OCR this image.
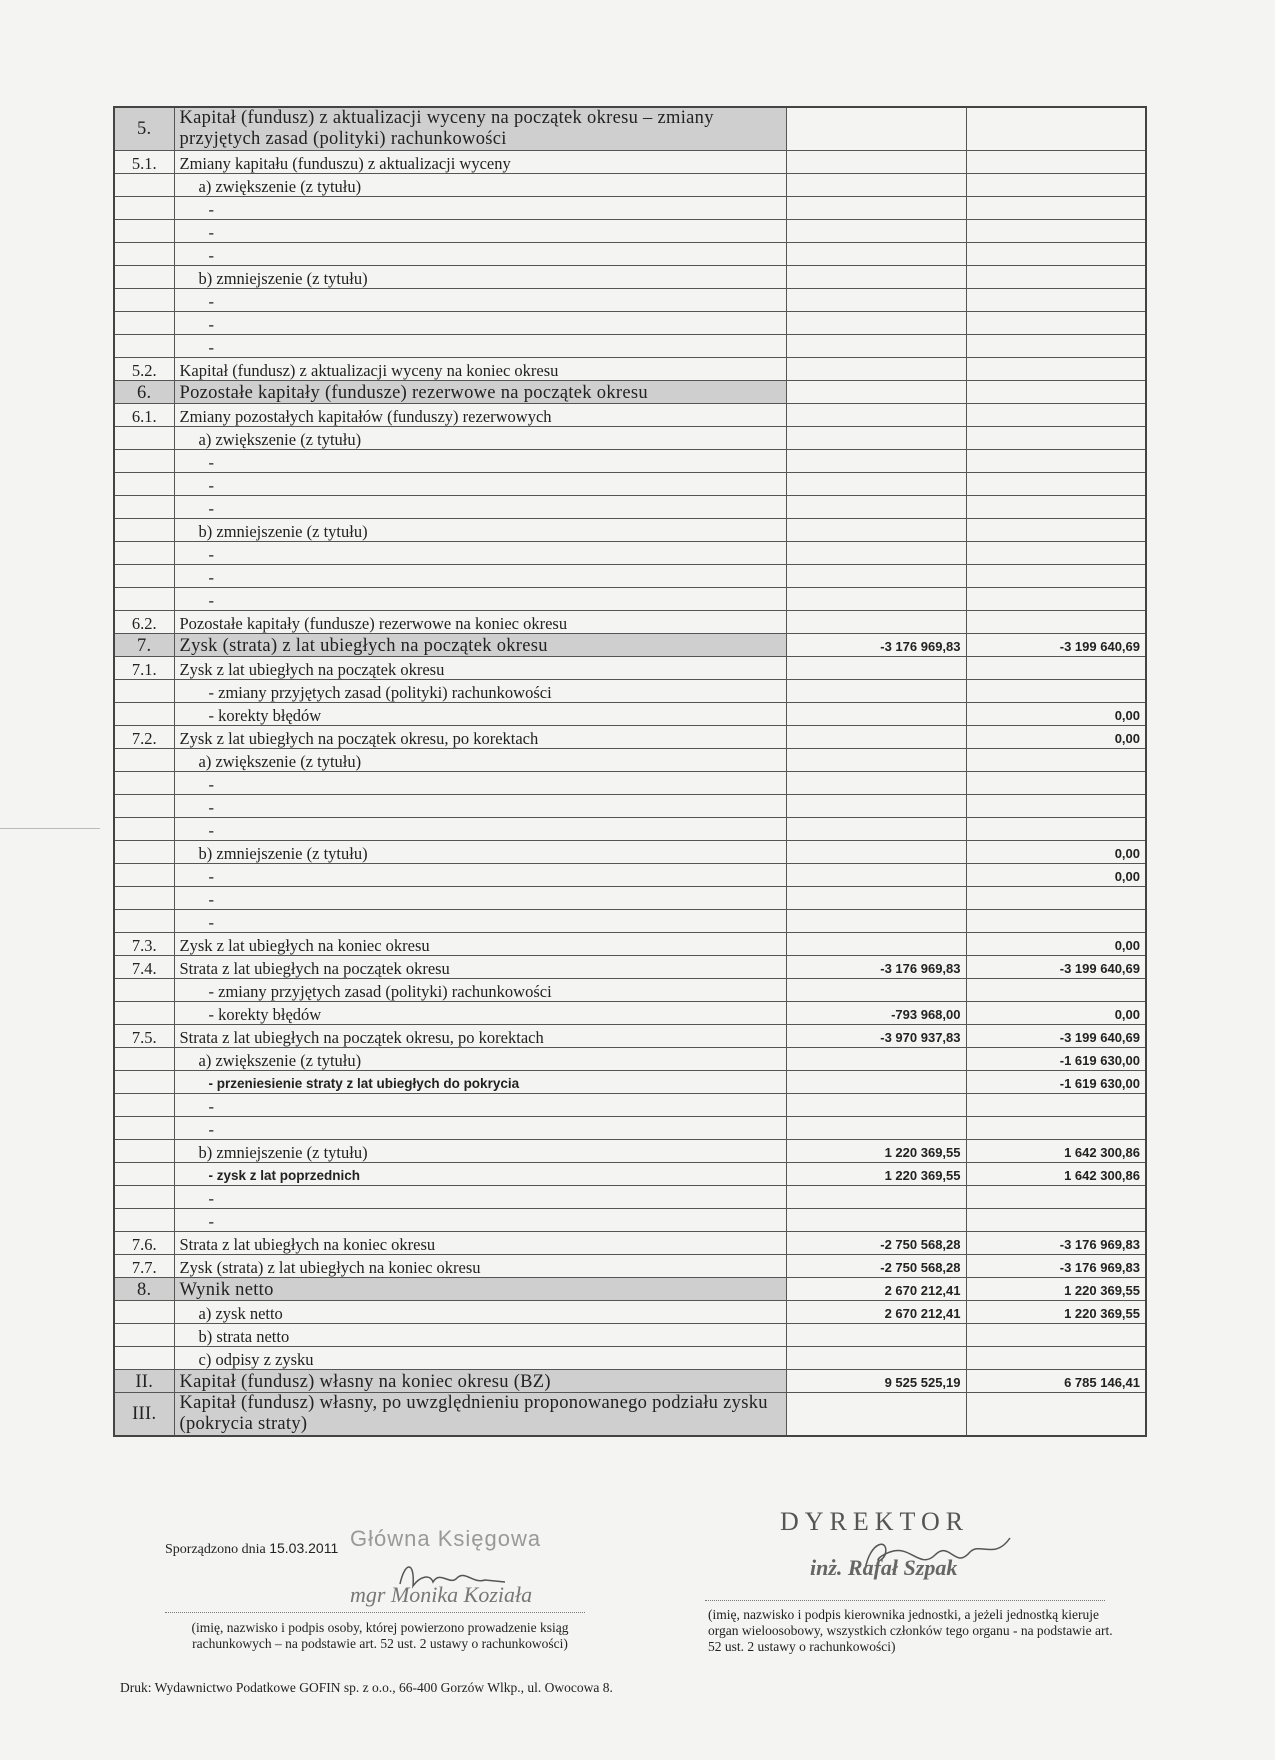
5.	Kapitał (fundusz) z aktualizacji wyceny na początek okresu – zmiany przyjętych zasad (polityki) rachunkowości		
5.1.	Zmiany kapitału (funduszu) z aktualizacji wyceny		
	a) zwiększenie (z tytułu)		
	-		
	-		
	-		
	b) zmniejszenie (z tytułu)		
	-		
	-		
	-		
5.2.	Kapitał (fundusz) z aktualizacji wyceny na koniec okresu		
6.	Pozostałe kapitały (fundusze) rezerwowe na początek okresu		
6.1.	Zmiany pozostałych kapitałów (funduszy) rezerwowych		
	a) zwiększenie (z tytułu)		
	-		
	-		
	-		
	b) zmniejszenie (z tytułu)		
	-		
	-		
	-		
6.2.	Pozostałe kapitały (fundusze) rezerwowe na koniec okresu		
7.	Zysk (strata) z lat ubiegłych na początek okresu	-3 176 969,83	-3 199 640,69
7.1.	Zysk z lat ubiegłych na początek okresu		
	- zmiany przyjętych zasad (polityki) rachunkowości		
	- korekty błędów		0,00
7.2.	Zysk z lat ubiegłych na początek okresu, po korektach		0,00
	a) zwiększenie (z tytułu)		
	-		
	-		
	-		
	b) zmniejszenie (z tytułu)		0,00
	-		0,00
	-		
	-		
7.3.	Zysk z lat ubiegłych na koniec okresu		0,00
7.4.	Strata z lat ubiegłych na początek okresu	-3 176 969,83	-3 199 640,69
	- zmiany przyjętych zasad (polityki) rachunkowości		
	- korekty błędów	-793 968,00	0,00
7.5.	Strata z lat ubiegłych na początek okresu, po korektach	-3 970 937,83	-3 199 640,69
	a) zwiększenie (z tytułu)		-1 619 630,00
	- przeniesienie straty z lat ubiegłych do pokrycia		-1 619 630,00
	-		
	-		
	b) zmniejszenie (z tytułu)	1 220 369,55	1 642 300,86
	- zysk z lat poprzednich	1 220 369,55	1 642 300,86
	-		
	-		
7.6.	Strata z lat ubiegłych na koniec okresu	-2 750 568,28	-3 176 969,83
7.7.	Zysk (strata) z lat ubiegłych na koniec okresu	-2 750 568,28	-3 176 969,83
8.	Wynik netto	2 670 212,41	1 220 369,55
	a) zysk netto	2 670 212,41	1 220 369,55
	b) strata netto		
	c) odpisy z zysku		
II.	Kapitał (fundusz) własny na koniec okresu (BZ)	9 525 525,19	6 785 146,41
III.	Kapitał (fundusz) własny, po uwzględnieniu proponowanego podziału zysku (pokrycia straty)		
Sporządzono dnia 15.03.2011 Główna Księgowa
mgr Monika Koziała
(imię, nazwisko i podpis osoby, której powierzono prowadzenie ksiąg rachunkowych – na podstawie art. 52 ust. 2 ustawy o rachunkowości)
DYREKTOR
inż. Rafał Szpak
(imię, nazwisko i podpis kierownika jednostki, a jeżeli jednostką kieruje organ wieloosobowy, wszystkich członków tego organu - na podstawie art. 52 ust. 2 ustawy o rachunkowości)
Druk: Wydawnictwo Podatkowe GOFIN sp. z o.o., 66-400 Gorzów Wlkp., ul. Owocowa 8.
